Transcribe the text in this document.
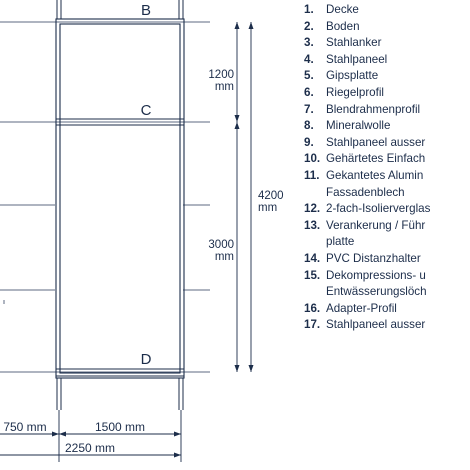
B
C
D
1200
mm
3000
mm
4200
mm
750 mm	1500 mm
2250 mm
1.	Decke
2.	Boden
3.	Stahlanker
4.	Stahlpaneel
5.	Gipsplatte
6.	Riegelprofil
7.	Blendrahmenprofil
8.	Mineralwolle
9.	Stahlpaneel ausser
10. Gehärtetes Einfach
11. Gekantetes Alumin
Fassadenblech
12. 2-fach-Isolierverglas
13. Verankerung / Führ
platte
14. PVC Distanzhalter
15. Dekompressions- u
Entwässerungslöch
16. Adapter-Profil
17. Stahlpaneel ausser
